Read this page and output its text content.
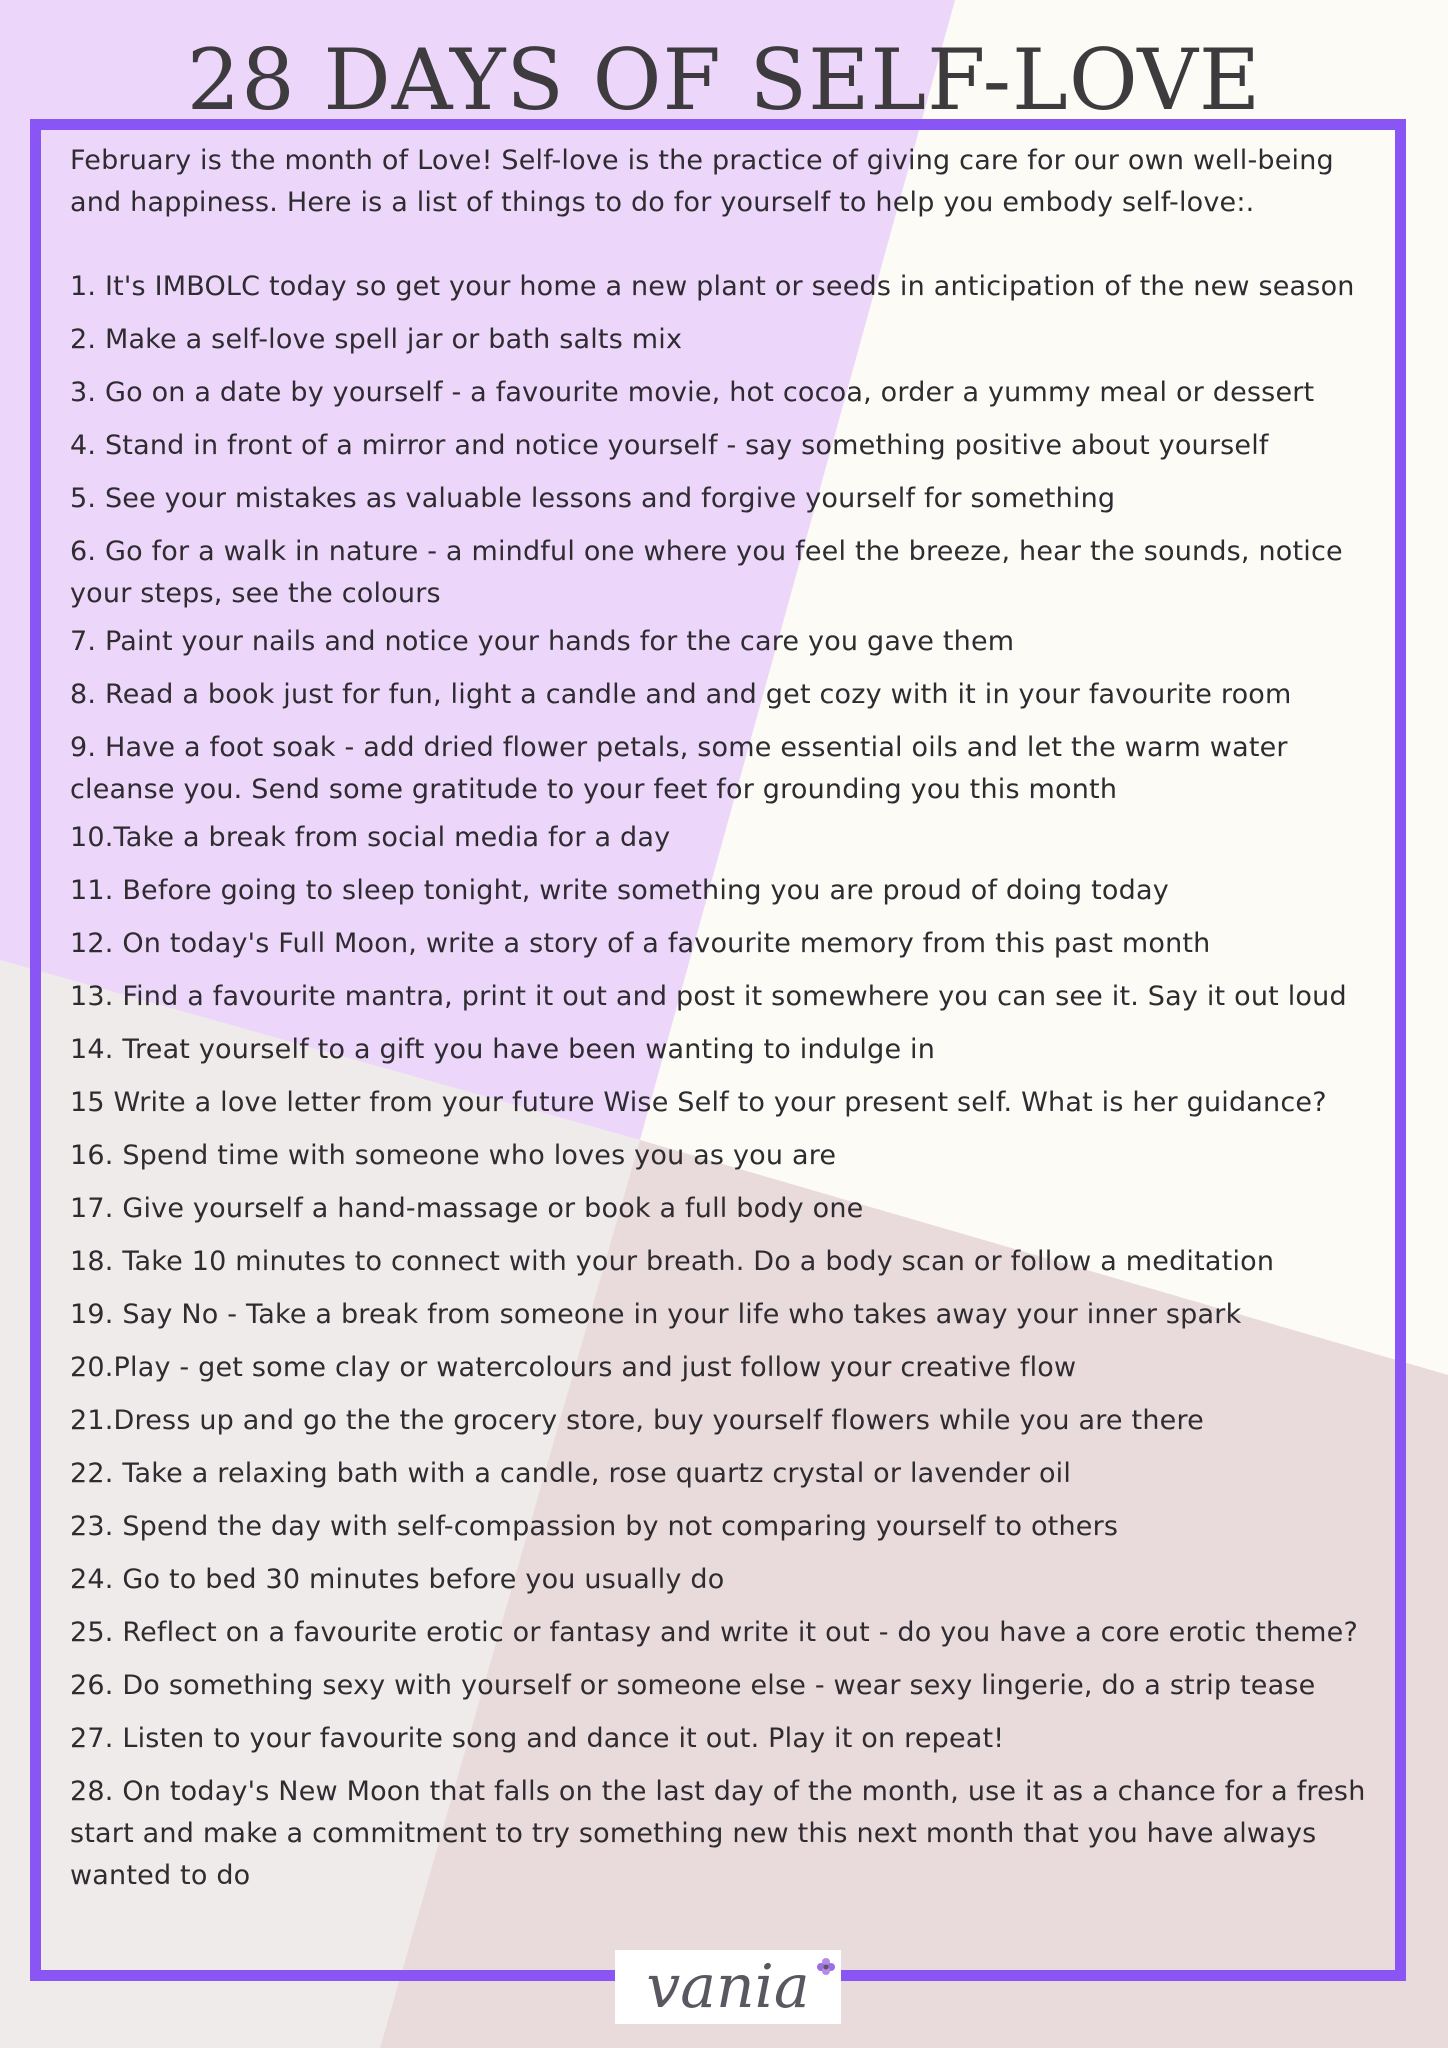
28 DAYS OF SELF-LOVE

February is the month of Love! Self-love is the practice of giving care for our own well-being and happiness. Here is a list of things to do for yourself to help you embody self-love:.

1. It's IMBOLC today so get your home a new plant or seeds in anticipation of the new season

2. Make a self-love spell jar or bath salts mix

3. Go on a date by yourself - a favourite movie, hot cocoa, order a yummy meal or dessert

4. Stand in front of a mirror and notice yourself - say something positive about yourself

5. See your mistakes as valuable lessons and forgive yourself for something

6. Go for a walk in nature - a mindful one where you feel the breeze, hear the sounds, notice your steps, see the colours

7. Paint your nails and notice your hands for the care you gave them

8. Read a book just for fun, light a candle and and get cozy with it in your favourite room

9. Have a foot soak - add dried flower petals, some essential oils and let the warm water cleanse you. Send some gratitude to your feet for grounding you this month

10.Take a break from social media for a day

11. Before going to sleep tonight, write something you are proud of doing today

12. On today's Full Moon, write a story of a favourite memory from this past month

13. Find a favourite mantra, print it out and post it somewhere you can see it. Say it out loud

14. Treat yourself to a gift you have been wanting to indulge in

15 Write a love letter from your future Wise Self to your present self. What is her guidance?

16. Spend time with someone who loves you as you are

17. Give yourself a hand-massage or book a full body one

18. Take 10 minutes to connect with your breath. Do a body scan or follow a meditation

19. Say No - Take a break from someone in your life who takes away your inner spark

20.Play - get some clay or watercolours and just follow your creative flow

21.Dress up and go the the grocery store, buy yourself flowers while you are there

22. Take a relaxing bath with a candle, rose quartz crystal or lavender oil

23. Spend the day with self-compassion by not comparing yourself to others

24. Go to bed 30 minutes before you usually do

25. Reflect on a favourite erotic or fantasy and write it out - do you have a core erotic theme?

26. Do something sexy with yourself or someone else - wear sexy lingerie, do a strip tease

27. Listen to your favourite song and dance it out. Play it on repeat!

28. On today's New Moon that falls on the last day of the month, use it as a chance for a fresh start and make a commitment to try something new this next month that you have always wanted to do

vania
